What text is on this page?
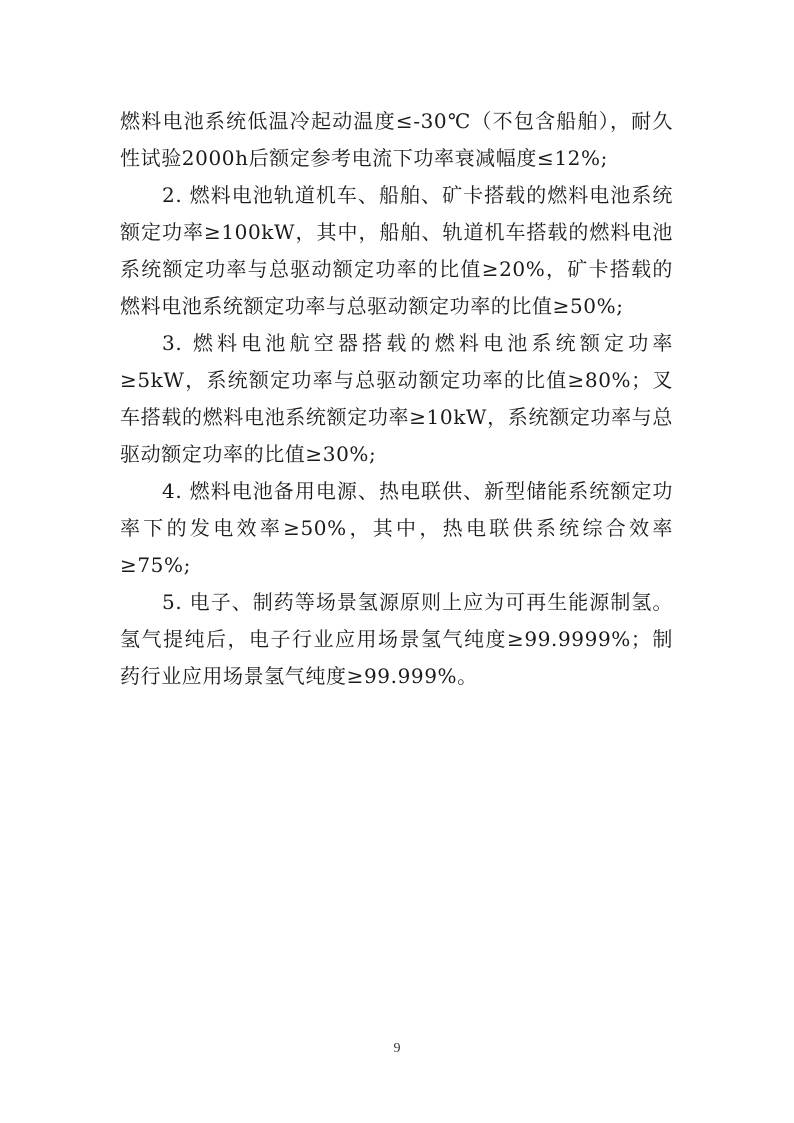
燃料电池系统低温冷起动温度≤-30℃（不包含船舶），耐久性试验2000h后额定参考电流下功率衰减幅度≤12%;

2. 燃料电池轨道机车、船舶、矿卡搭载的燃料电池系统额定功率≥100kW，其中，船舶、轨道机车搭载的燃料电池系统额定功率与总驱动额定功率的比值≥20%，矿卡搭载的燃料电池系统额定功率与总驱动额定功率的比值≥50%;

3. 燃料电池航空器搭载的燃料电池系统额定功率≥5kW，系统额定功率与总驱动额定功率的比值≥80%；叉车搭载的燃料电池系统额定功率≥10kW，系统额定功率与总驱动额定功率的比值≥30%;

4. 燃料电池备用电源、热电联供、新型储能系统额定功率下的发电效率≥50%，其中，热电联供系统综合效率≥75%;

5. 电子、制药等场景氢源原则上应为可再生能源制氢。氢气提纯后，电子行业应用场景氢气纯度≥99.9999%；制药行业应用场景氢气纯度≥99.999%。

9
